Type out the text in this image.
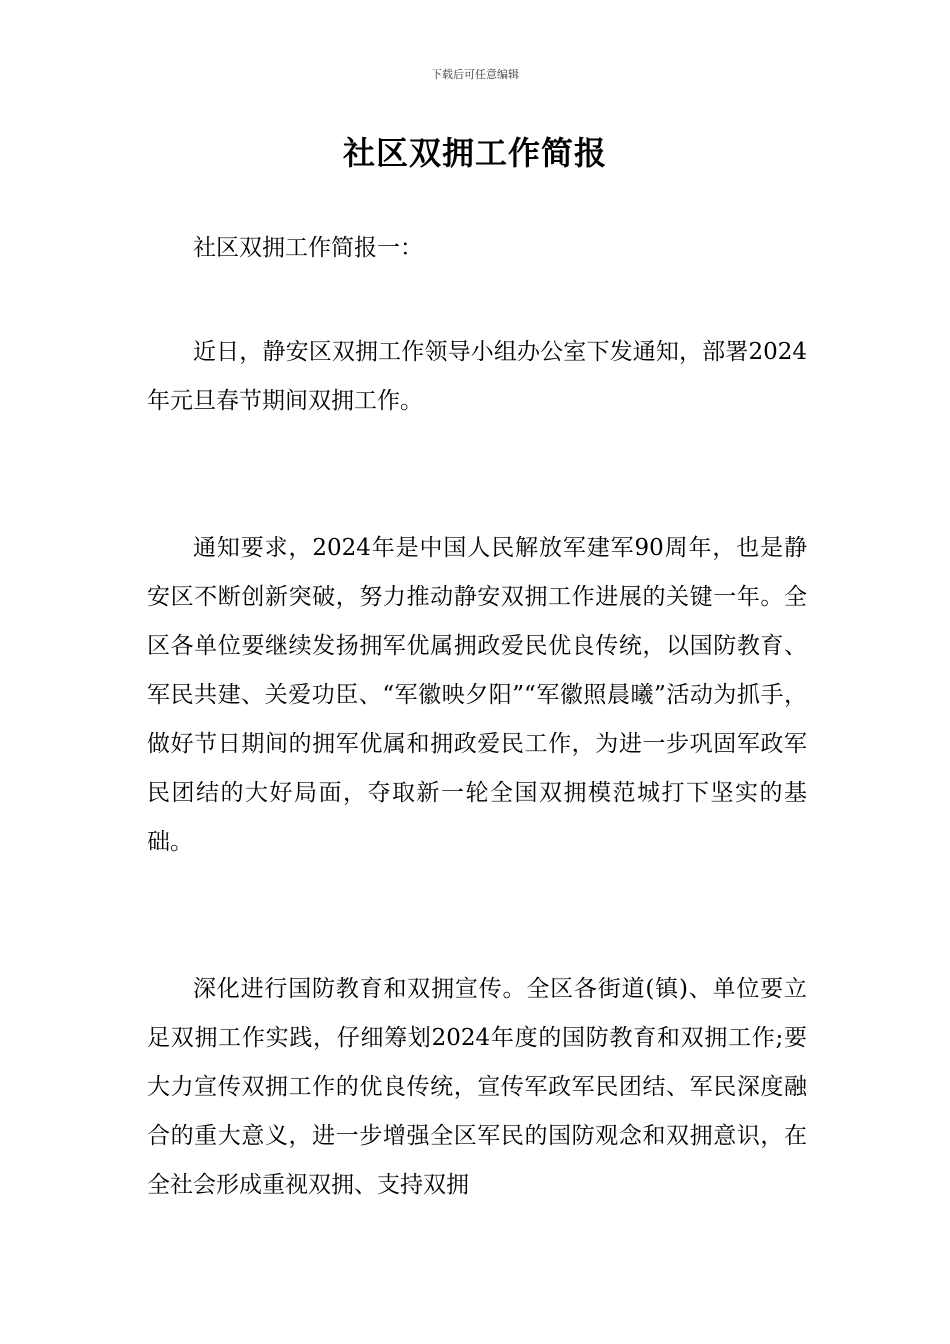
下载后可任意编辑
社区双拥工作简报

社区双拥工作简报一：

近日，静安区双拥工作领导小组办公室下发通知，部署2024年元旦春节期间双拥工作。

通知要求，2024年是中国人民解放军建军90周年，也是静安区不断创新突破，努力推动静安双拥工作进展的关键一年。全区各单位要继续发扬拥军优属拥政爱民优良传统，以国防教育、军民共建、关爱功臣、“军徽映夕阳”“军徽照晨曦”活动为抓手，做好节日期间的拥军优属和拥政爱民工作，为进一步巩固军政军民团结的大好局面，夺取新一轮全国双拥模范城打下坚实的基础。

深化进行国防教育和双拥宣传。全区各街道(镇)、单位要立足双拥工作实践，仔细筹划2024年度的国防教育和双拥工作;要大力宣传双拥工作的优良传统，宣传军政军民团结、军民深度融合的重大意义，进一步增强全区军民的国防观念和双拥意识，在全社会形成重视双拥、支持双拥
